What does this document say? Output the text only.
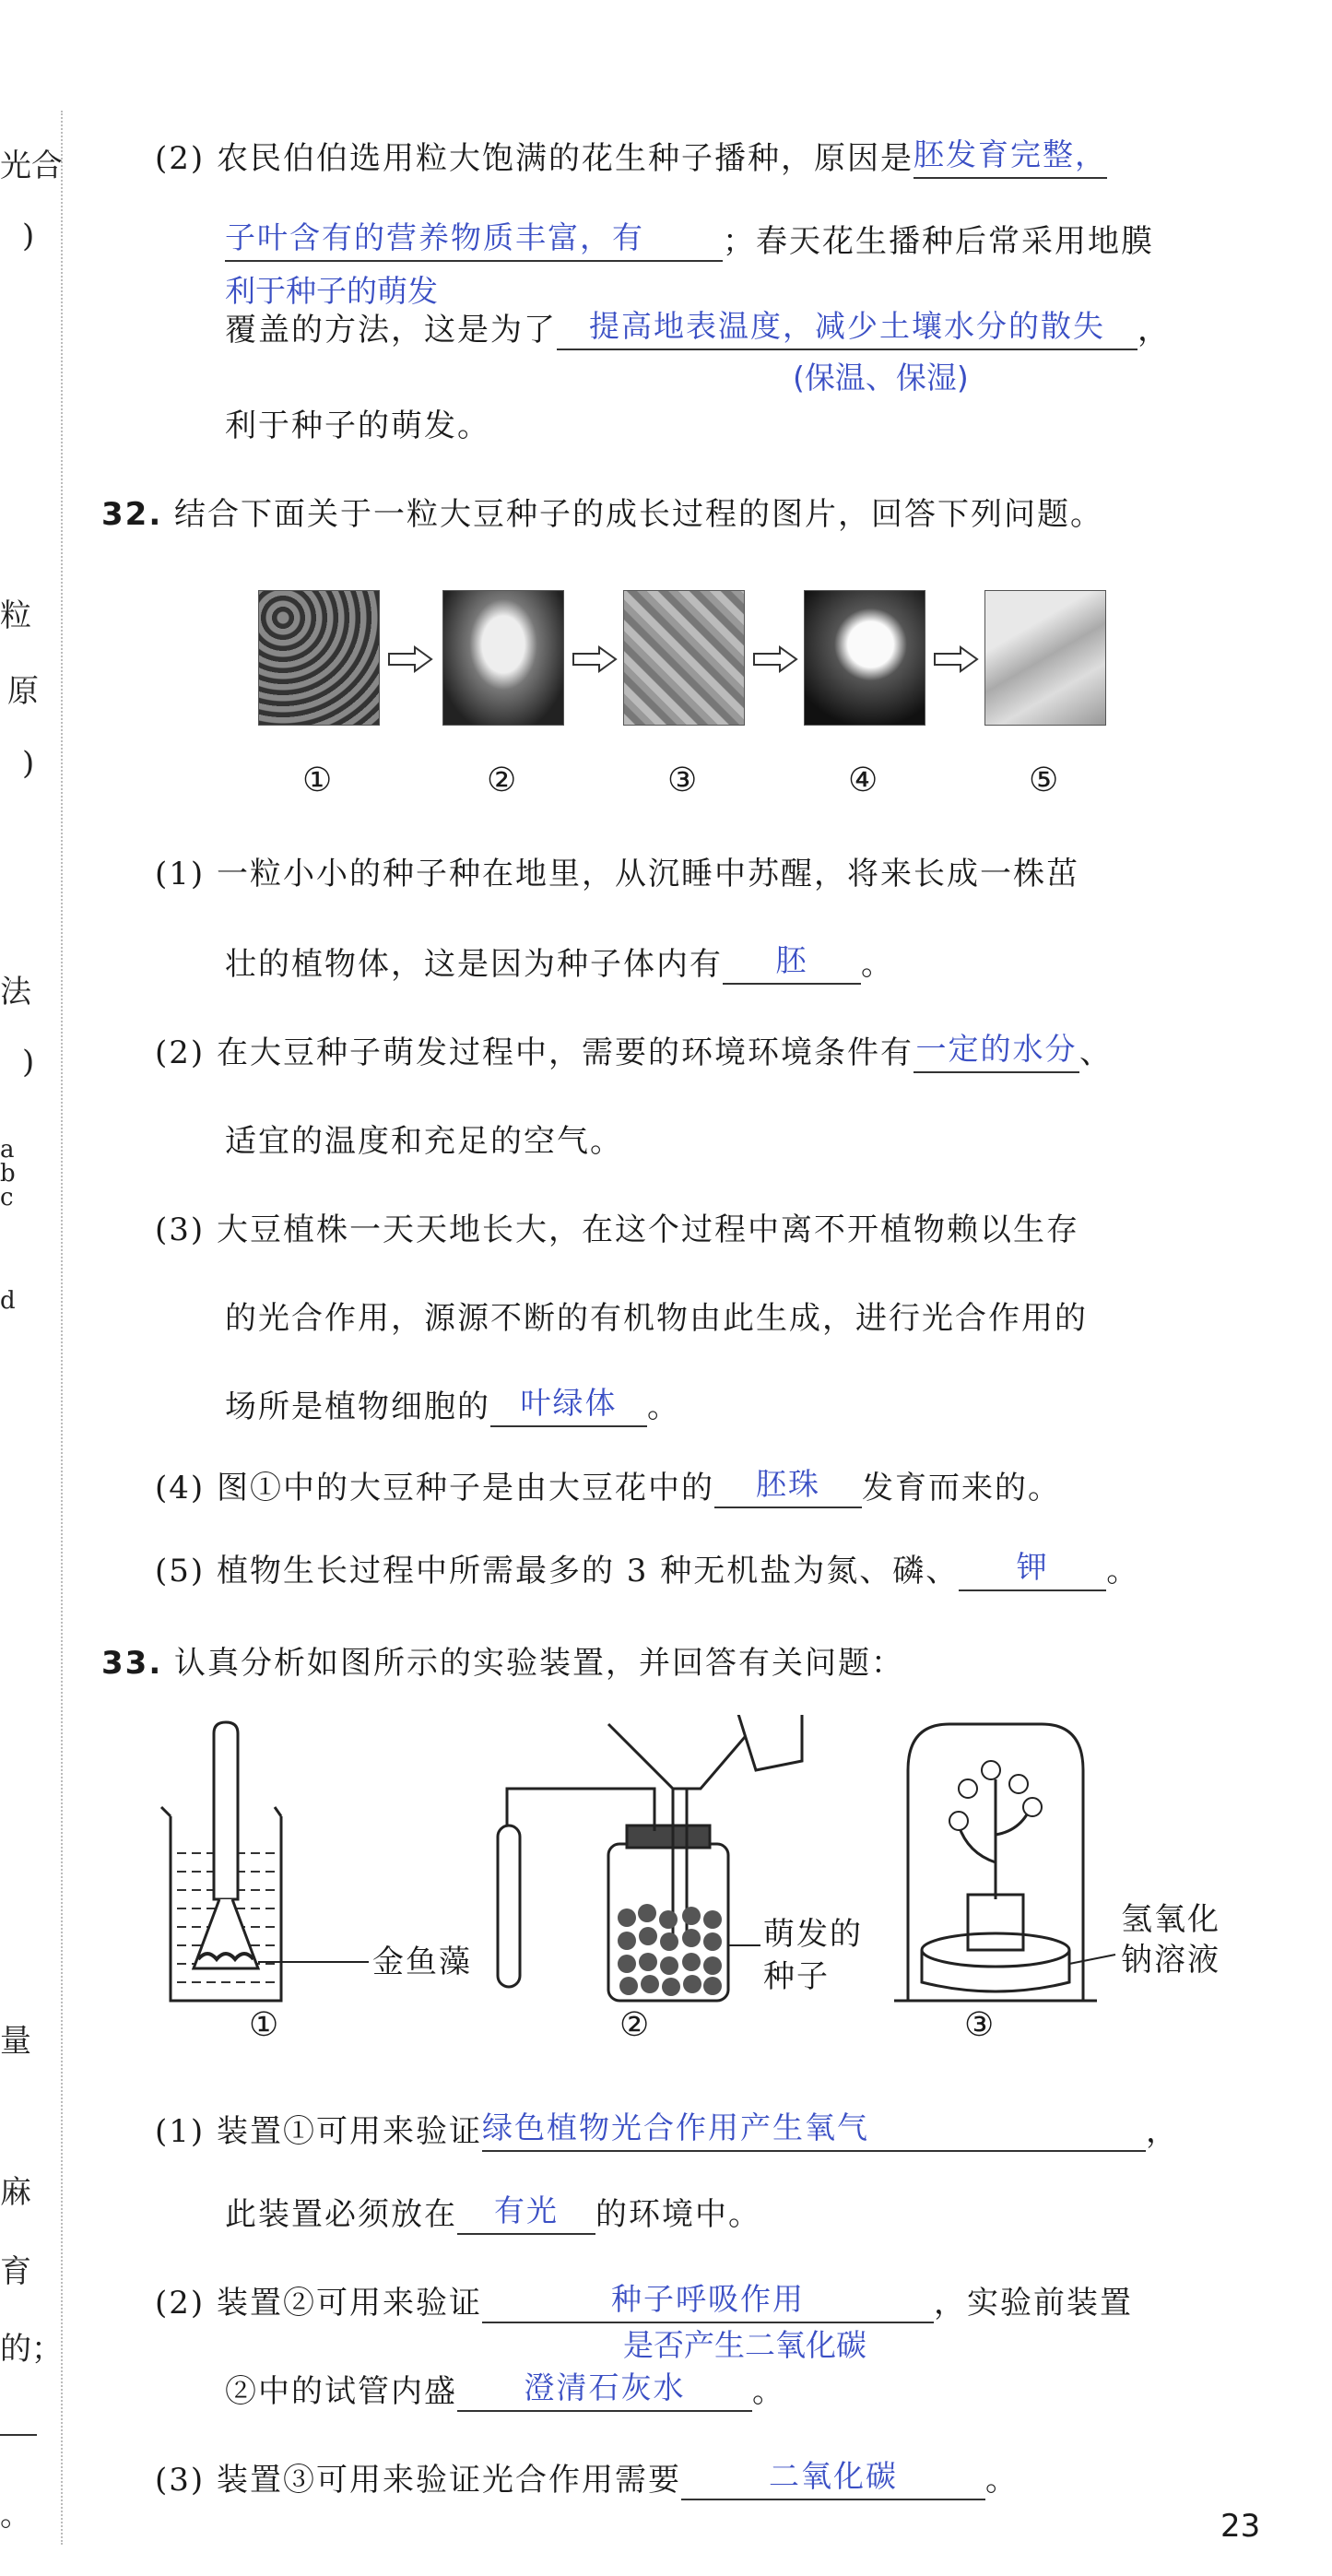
光合
)
粒
原
)
法
)
a
b
c
d
量
麻
育
的；
。
(2) 农民伯伯选用粒大饱满的花生种子播种，原因是 胚发育完整，
子叶含有的营养物质丰富，有	；春天花生播种后常采用地膜
利于种子的萌发
覆盖的方法，这是为了	提高地表温度，减少土壤水分的散失	，
(保温、保湿)
利于种子的萌发。
32. 结合下面关于一粒大豆种子的成长过程的图片，回答下列问题。
①	②	③	④	⑤
(1) 一粒小小的种子种在地里，从沉睡中苏醒，将来长成一株茁
壮的植物体，这是因为种子体内有	胚	。
(2) 在大豆种子萌发过程中，需要的环境环境条件有 一定的水分 、
适宜的温度和充足的空气。
(3) 大豆植株一天天地长大，在这个过程中离不开植物赖以生存
的光合作用，源源不断的有机物由此生成，进行光合作用的
场所是植物细胞的 叶绿体 。
(4) 图①中的大豆种子是由大豆花中的	胚珠	发育而来的。
(5) 植物生长过程中所需最多的 3 种无机盐为氮、磷、	钾	。
33. 认真分析如图所示的实验装置，并回答有关问题：
金鱼藻
萌发的
种子
氢氧化
钠溶液
①	②	③
(1) 装置①可用来验证 绿色植物光合作用产生氧气	，
此装置必须放在	有光	的环境中。
(2) 装置②可用来验证	种子呼吸作用	，实验前装置
是否产生二氧化碳
②中的试管内盛	澄清石灰水	。
(3) 装置③可用来验证光合作用需要	二氧化碳	。
23
